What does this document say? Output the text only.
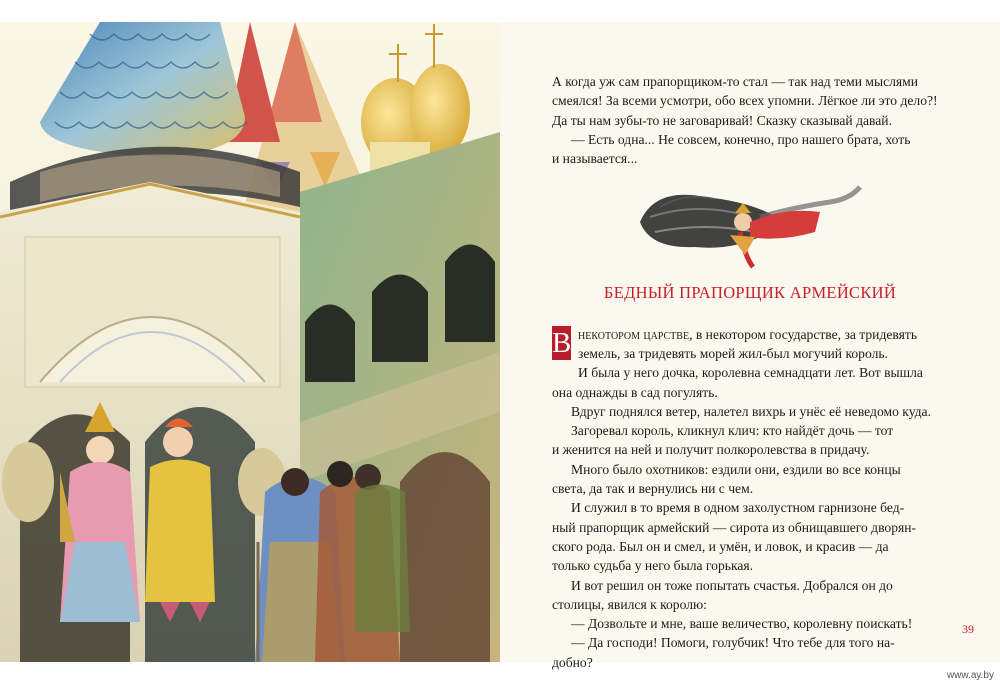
А когда уж сам прапорщиком-то стал — так над теми мыслями
смеялся! За всеми усмотри, обо всех упомни. Лёгкое ли это дело?!
Да ты нам зубы-то не заговаривай! Сказку сказывай давай.
— Есть одна... Не совсем, конечно, про нашего брата, хоть
и называется...

БЕДНЫЙ ПРАПОРЩИК АРМЕЙСКИЙ
В некотором царстве, в некотором государстве, за тридевять

земель, за тридевять морей жил-был могучий король.
И была у него дочка, королевна семнадцати лет. Вот вышла
она однажды в сад погулять.
Вдруг поднялся ветер, налетел вихрь и унёс её неведомо куда.
Загоревал король, кликнул клич: кто найдёт дочь — тот
и женится на ней и получит полкоролевства в придачу.
Много было охотников: ездили они, ездили во все концы
света, да так и вернулись ни с чем.
И служил в то время в одном захолустном гарнизоне бед-
ный прапорщик армейский — сирота из обнищавшего дворян-
ского рода. Был он и смел, и умён, и ловок, и красив — да
только судьба у него была горькая.
И вот решил он тоже попытать счастья. Добрался он до
столицы, явился к королю:
— Дозвольте и мне, ваше величество, королевну поискать!
— Да господи! Помоги, голубчик! Что тебе для того на-
добно?

39
www.ay.by
